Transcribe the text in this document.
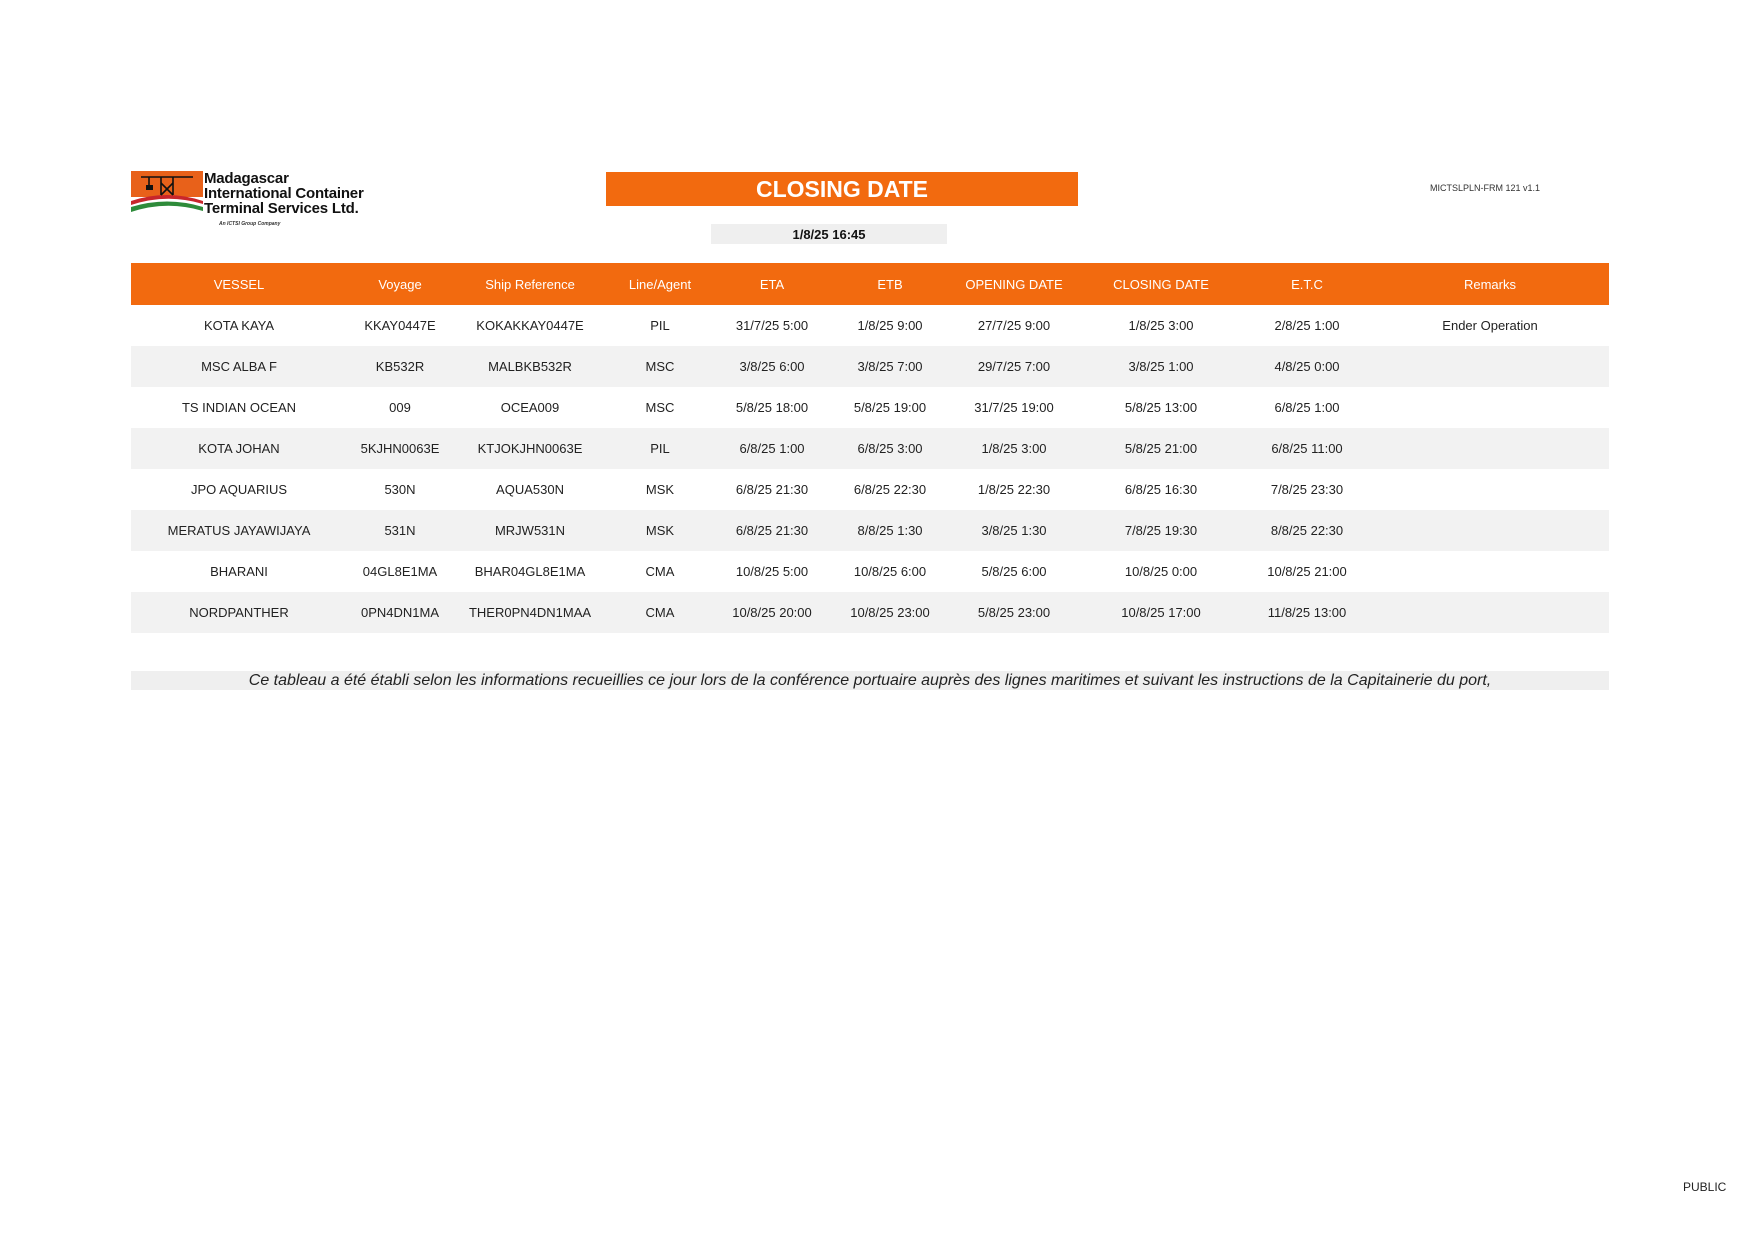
Madagascar
International Container
Terminal Services Ltd.
An ICTSI Group Company
CLOSING DATE
1/8/25 16:45
MICTSLPLN-FRM 121 v1.1
VESSEL	Voyage	Ship Reference	Line/Agent	ETA	ETB	OPENING DATE	CLOSING DATE	E.T.C	Remarks
KOTA KAYA	KKAY0447E	KOKAKKAY0447E	PIL	31/7/25 5:00	1/8/25 9:00	27/7/25 9:00	1/8/25 3:00	2/8/25 1:00	Ender Operation
MSC ALBA F	KB532R	MALBKB532R	MSC	3/8/25 6:00	3/8/25 7:00	29/7/25 7:00	3/8/25 1:00	4/8/25 0:00	
TS INDIAN OCEAN	009	OCEA009	MSC	5/8/25 18:00	5/8/25 19:00	31/7/25 19:00	5/8/25 13:00	6/8/25 1:00	
KOTA JOHAN	5KJHN0063E	KTJOKJHN0063E	PIL	6/8/25 1:00	6/8/25 3:00	1/8/25 3:00	5/8/25 21:00	6/8/25 11:00	
JPO AQUARIUS	530N	AQUA530N	MSK	6/8/25 21:30	6/8/25 22:30	1/8/25 22:30	6/8/25 16:30	7/8/25 23:30	
MERATUS JAYAWIJAYA	531N	MRJW531N	MSK	6/8/25 21:30	8/8/25 1:30	3/8/25 1:30	7/8/25 19:30	8/8/25 22:30	
BHARANI	04GL8E1MA	BHAR04GL8E1MA	CMA	10/8/25 5:00	10/8/25 6:00	5/8/25 6:00	10/8/25 0:00	10/8/25 21:00	
NORDPANTHER	0PN4DN1MA	THER0PN4DN1MAA	CMA	10/8/25 20:00	10/8/25 23:00	5/8/25 23:00	10/8/25 17:00	11/8/25 13:00	
Ce tableau a été établi selon les informations recueillies ce jour lors de la conférence portuaire auprès des lignes maritimes et suivant les instructions de la Capitainerie du port,
PUBLIC
